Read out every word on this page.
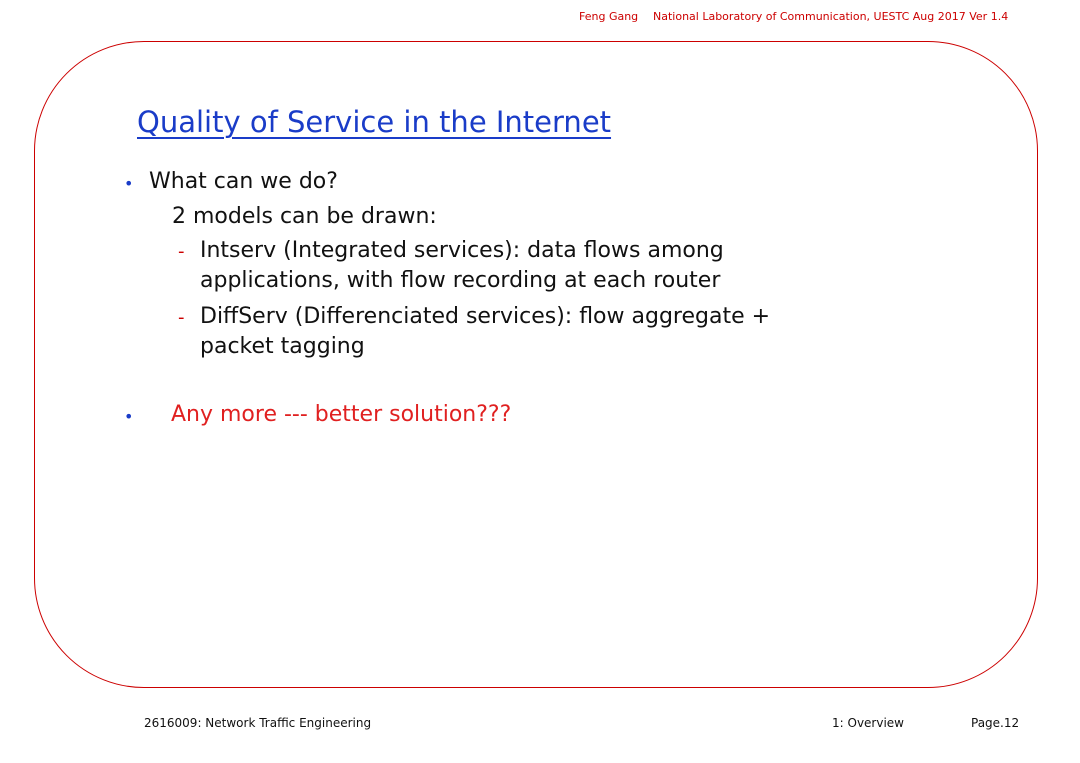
Feng Gang National Laboratory of Communication, UESTC Aug 2017 Ver 1.4
Quality of Service in the Internet
• What can we do?
2 models can be drawn:
- Intserv (Integrated services): data flows among
applications, with flow recording at each router
- DiffServ (Differenciated services): flow aggregate +
packet tagging
• Any more --- better solution???
2616009: Network Traffic Engineering	1: Overview	Page.12
